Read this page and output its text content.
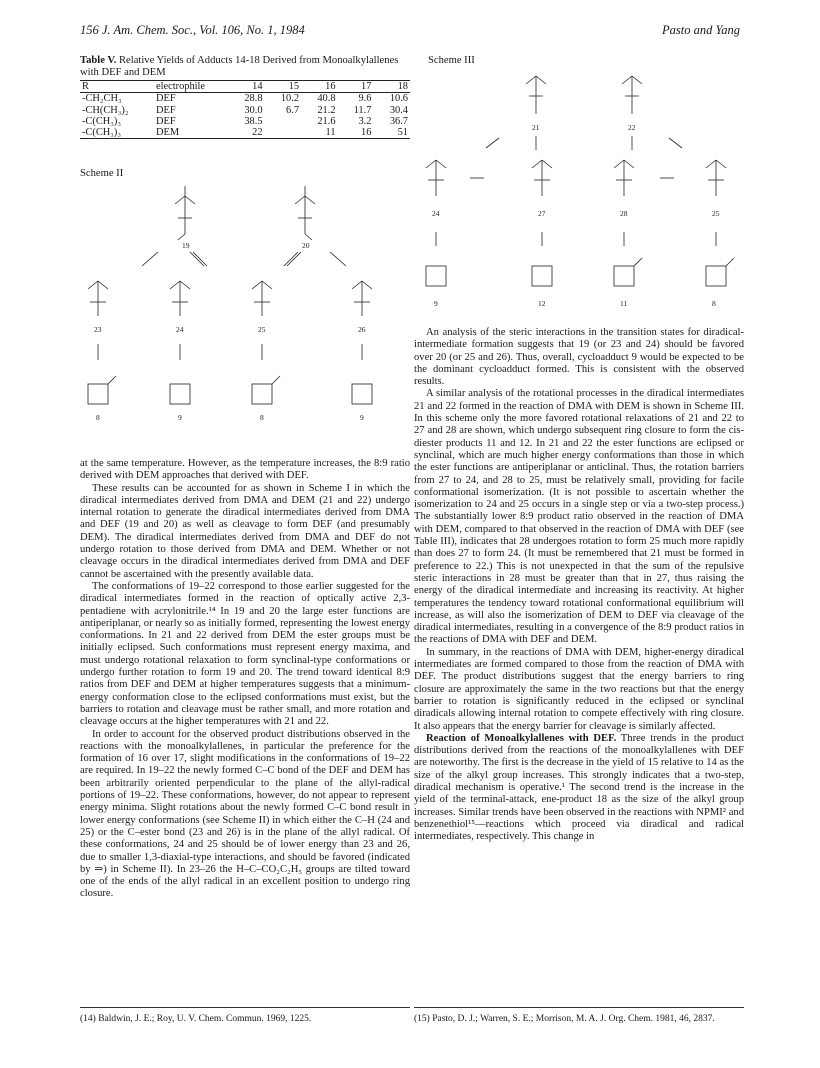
156 J. Am. Chem. Soc., Vol. 106, No. 1, 1984	Pasto and Yang
Table V. Relative Yields of Adducts 14-18 Derived from Monoalkylallenes with DEF and DEM
R	electrophile	14	15	16	17	18
-CH₂CH₃	DEF	28.8	10.2	40.8	9.6	10.6
-CH(CH₃)₂	DEF	30.0	6.7	21.2	11.7	30.4
-C(CH₃)₃	DEF	38.5		21.6	3.2	36.7
-C(CH₃)₃	DEM	22		11	16	51
Scheme II
19	20
23	24	25	26
8	9	8	9
Scheme III
21	22
24	27	28	25
9	12	11	8

at the same temperature. However, as the temperature increases, the 8:9 ratio derived with DEM approaches that derived with DEF.

These results can be accounted for as shown in Scheme I in which the diradical intermediates derived from DMA and DEM (21 and 22) undergo internal rotation to generate the diradical intermediates derived from DMA and DEF (19 and 20) as well as cleavage to form DEF (and presumably DEM). The diradical intermediates derived from DMA and DEF do not undergo rotation to those derived from DMA and DEM. Whether or not cleavage occurs in the diradical intermediates derived from DMA and DEF cannot be ascertained with the presently available data.

The conformations of 19–22 correspond to those earlier suggested for the diradical intermediates formed in the reaction of optically active 2,3-pentadiene with acrylonitrile.¹⁴ In 19 and 20 the large ester functions are antiperiplanar, or nearly so as initially formed, representing the lowest energy conformations. In 21 and 22 derived from DEM the ester groups must be initially eclipsed. Such conformations must represent energy maxima, and must undergo rotational relaxation to form synclinal-type conformations or undergo further rotation to form 19 and 20. The trend toward identical 8:9 ratios from DEF and DEM at higher temperatures suggests that a minimum-energy conformation close to the eclipsed conformations must exist, but the barriers to rotation and cleavage must be rather small, and more rotation and cleavage occurs at the higher temperatures with 21 and 22.

In order to account for the observed product distributions observed in the reactions with the monoalkylallenes, in particular the preference for the formation of 16 over 17, slight modifications in the conformations of 19–22 are required. In 19–22 the newly formed C–C bond of the DEF and DEM has been arbitrarily oriented perpendicular to the plane of the allyl-radical portions of 19–22. These conformations, however, do not appear to represent energy minima. Slight rotations about the newly formed C–C bond result in lower energy conformations (see Scheme II) in which either the C–H (24 and 25) or the C–ester bond (23 and 26) is in the plane of the allyl radical. Of these conformations, 24 and 25 should be of lower energy than 23 and 26, due to smaller 1,3-diaxial-type interactions, and should be favored (indicated by ⇒) in Scheme II). In 23–26 the H–C–CO₂C₂H₅ groups are tilted toward one of the ends of the allyl radical in an excellent position to undergo ring closure.

An analysis of the steric interactions in the transition states for diradical-intermediate formation suggests that 19 (or 23 and 24) should be favored over 20 (or 25 and 26). Thus, overall, cycloadduct 9 would be expected to be the dominant cycloadduct formed. This is consistent with the observed results.

A similar analysis of the rotational processes in the diradical intermediates 21 and 22 formed in the reaction of DMA with DEM is shown in Scheme III. In this scheme only the more favored rotational relaxations of 21 and 22 to 27 and 28 are shown, which undergo subsequent ring closure to form the cis-diester products 11 and 12. In 21 and 22 the ester functions are eclipsed or synclinal, which are much higher energy conformations than those in which the ester functions are antiperiplanar or anticlinal. Thus, the rotation barriers from 27 to 24, and 28 to 25, must be relatively small, providing for facile conformational isomerization. (It is not possible to ascertain whether the isomerization to 24 and 25 occurs in a single step or via a two-step process.) The substantially lower 8:9 product ratio observed in the reaction of DMA with DEM, compared to that observed in the reaction of DMA with DEF (see Table III), indicates that 28 undergoes rotation to form 25 much more rapidly than does 27 to form 24. (It must be remembered that 21 must be formed in preference to 22.) This is not unexpected in that the sum of the repulsive steric interactions in 28 must be greater than that in 27, thus raising the energy of the diradical intermediate and increasing its reactivity. At higher temperatures the tendency toward rotational conformational equilibrium will increase, as will also the isomerization of DEM to DEF via cleavage of the diradical intermediates, resulting in a convergence of the 8:9 product ratios in the reactions of DMA with DEF and DEM.

In summary, in the reactions of DMA with DEM, higher-energy diradical intermediates are formed compared to those from the reaction of DMA with DEF. The product distributions suggest that the energy barriers to ring closure are approximately the same in the two reactions but that the energy barrier to rotation is significantly reduced in the eclipsed or synclinal diradicals allowing internal rotation to compete effectively with ring closure. It also appears that the energy barrier for cleavage is similarly affected.

Reaction of Monoalkylallenes with DEF. Three trends in the product distributions derived from the reactions of the monoalkylallenes with DEF are noteworthy. The first is the decrease in the yield of 15 relative to 14 as the size of the alkyl group increases. This strongly indicates that a two-step, diradical mechanism is operative.¹ The second trend is the increase in the yield of the terminal-attack, ene-product 18 as the size of the alkyl group increases. Similar trends have been observed in the reactions with NPMI² and benzenethiol¹⁵—reactions which proceed via diradical and radical intermediates, respectively. This change in

(14) Baldwin, J. E.; Roy, U. V. Chem. Commun. 1969, 1225.	(15) Pasto, D. J.; Warren, S. E.; Morrison, M. A. J. Org. Chem. 1981, 46, 2837.
